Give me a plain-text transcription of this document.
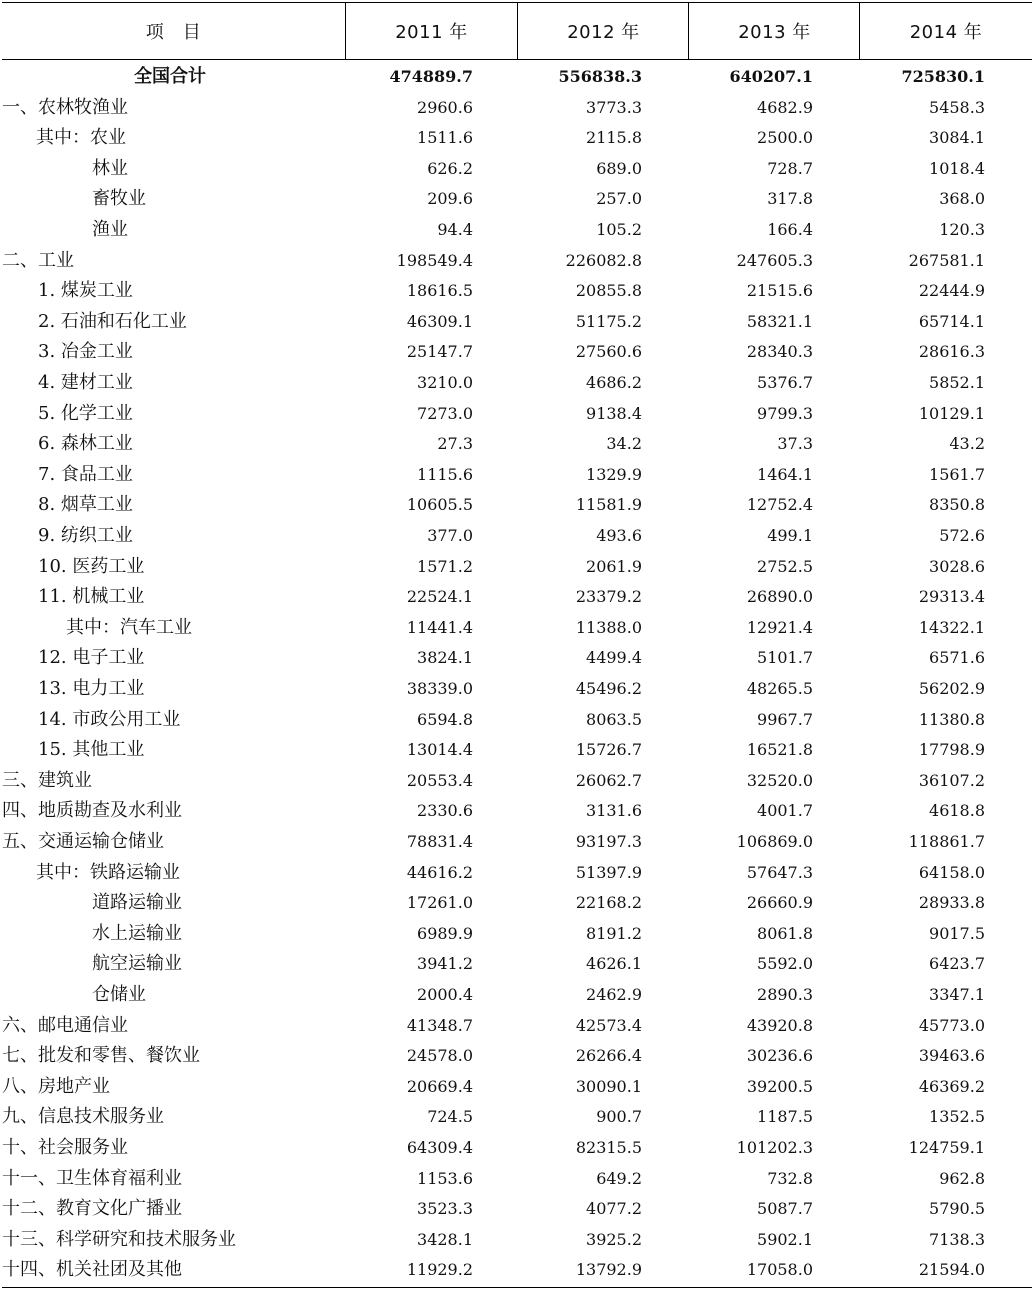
项　目	2011 年	2012 年	2013 年	2014 年
全国合计	474889.7	556838.3	640207.1	725830.1
一、农林牧渔业	2960.6	3773.3	4682.9	5458.3
其中：农业	1511.6	2115.8	2500.0	3084.1
林业	626.2	689.0	728.7	1018.4
畜牧业	209.6	257.0	317.8	368.0
渔业	94.4	105.2	166.4	120.3
二、工业	198549.4	226082.8	247605.3	267581.1
1. 煤炭工业	18616.5	20855.8	21515.6	22444.9
2. 石油和石化工业	46309.1	51175.2	58321.1	65714.1
3. 冶金工业	25147.7	27560.6	28340.3	28616.3
4. 建材工业	3210.0	4686.2	5376.7	5852.1
5. 化学工业	7273.0	9138.4	9799.3	10129.1
6. 森林工业	27.3	34.2	37.3	43.2
7. 食品工业	1115.6	1329.9	1464.1	1561.7
8. 烟草工业	10605.5	11581.9	12752.4	8350.8
9. 纺织工业	377.0	493.6	499.1	572.6
10. 医药工业	1571.2	2061.9	2752.5	3028.6
11. 机械工业	22524.1	23379.2	26890.0	29313.4
其中：汽车工业	11441.4	11388.0	12921.4	14322.1
12. 电子工业	3824.1	4499.4	5101.7	6571.6
13. 电力工业	38339.0	45496.2	48265.5	56202.9
14. 市政公用工业	6594.8	8063.5	9967.7	11380.8
15. 其他工业	13014.4	15726.7	16521.8	17798.9
三、建筑业	20553.4	26062.7	32520.0	36107.2
四、地质勘查及水利业	2330.6	3131.6	4001.7	4618.8
五、交通运输仓储业	78831.4	93197.3	106869.0	118861.7
其中：铁路运输业	44616.2	51397.9	57647.3	64158.0
道路运输业	17261.0	22168.2	26660.9	28933.8
水上运输业	6989.9	8191.2	8061.8	9017.5
航空运输业	3941.2	4626.1	5592.0	6423.7
仓储业	2000.4	2462.9	2890.3	3347.1
六、邮电通信业	41348.7	42573.4	43920.8	45773.0
七、批发和零售、餐饮业	24578.0	26266.4	30236.6	39463.6
八、房地产业	20669.4	30090.1	39200.5	46369.2
九、信息技术服务业	724.5	900.7	1187.5	1352.5
十、社会服务业	64309.4	82315.5	101202.3	124759.1
十一、卫生体育福利业	1153.6	649.2	732.8	962.8
十二、教育文化广播业	3523.3	4077.2	5087.7	5790.5
十三、科学研究和技术服务业	3428.1	3925.2	5902.1	7138.3
十四、机关社团及其他	11929.2	13792.9	17058.0	21594.0
